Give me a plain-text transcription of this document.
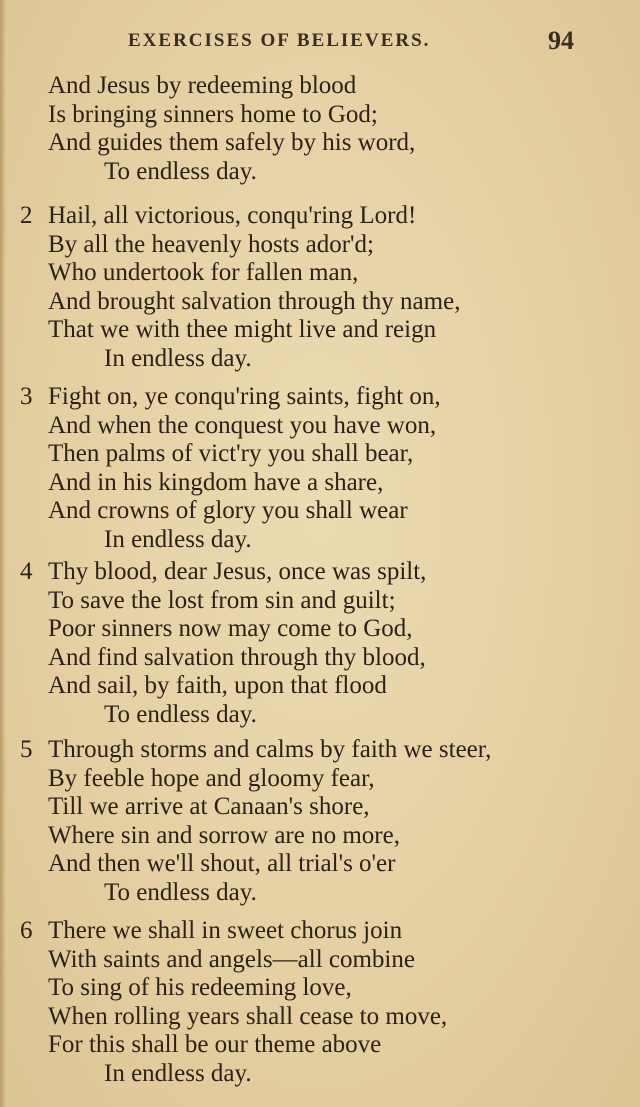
EXERCISES OF BELIEVERS.	94
And Jesus by redeeming blood
Is bringing sinners home to God;
And guides them safely by his word,
To endless day.
2 Hail, all victorious, conqu'ring Lord!
By all the heavenly hosts ador'd;
Who undertook for fallen man,
And brought salvation through thy name,
That we with thee might live and reign
In endless day.
3 Fight on, ye conqu'ring saints, fight on,
And when the conquest you have won,
Then palms of vict'ry you shall bear,
And in his kingdom have a share,
And crowns of glory you shall wear
In endless day.
4 Thy blood, dear Jesus, once was spilt,
To save the lost from sin and guilt;
Poor sinners now may come to God,
And find salvation through thy blood,
And sail, by faith, upon that flood
To endless day.
5 Through storms and calms by faith we steer,
By feeble hope and gloomy fear,
Till we arrive at Canaan's shore,
Where sin and sorrow are no more,
And then we'll shout, all trial's o'er
To endless day.
6 There we shall in sweet chorus join
With saints and angels—all combine
To sing of his redeeming love,
When rolling years shall cease to move,
For this shall be our theme above
In endless day.
